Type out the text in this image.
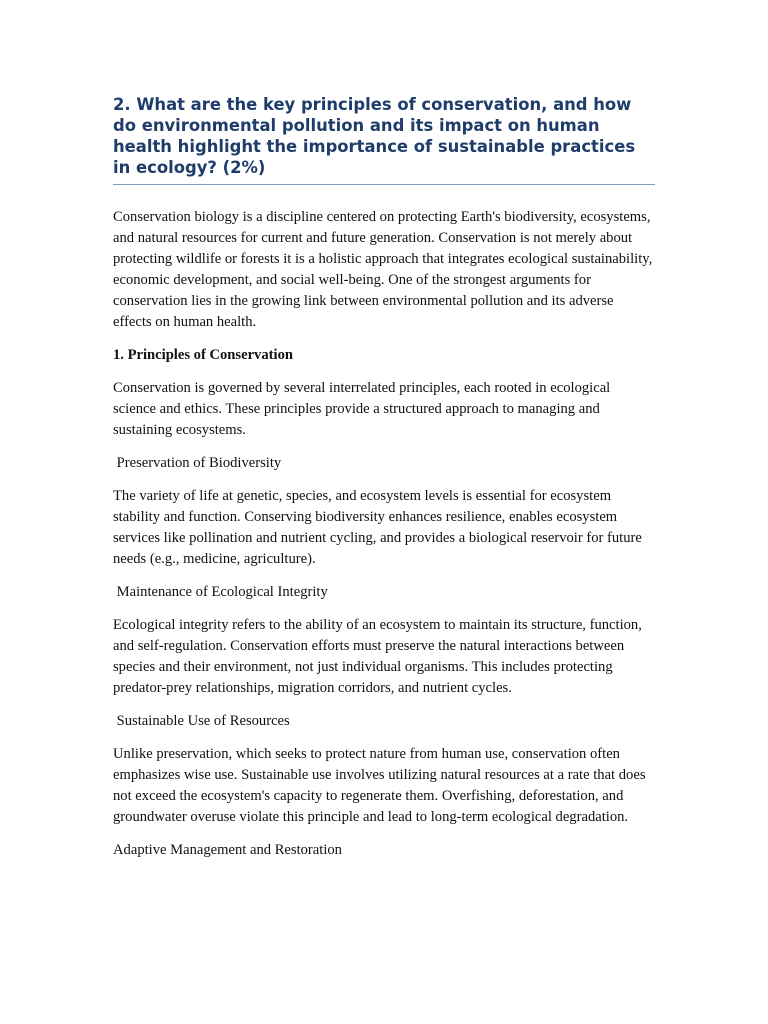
2. What are the key principles of conservation, and how do environmental pollution and its impact on human health highlight the importance of sustainable practices in ecology? (2%)

Conservation biology is a discipline centered on protecting Earth's biodiversity, ecosystems, and natural resources for current and future generation. Conservation is not merely about protecting wildlife or forests it is a holistic approach that integrates ecological sustainability, economic development, and social well-being. One of the strongest arguments for conservation lies in the growing link between environmental pollution and its adverse effects on human health.

1. Principles of Conservation

Conservation is governed by several interrelated principles, each rooted in ecological science and ethics. These principles provide a structured approach to managing and sustaining ecosystems.

Preservation of Biodiversity

The variety of life at genetic, species, and ecosystem levels is essential for ecosystem stability and function. Conserving biodiversity enhances resilience, enables ecosystem services like pollination and nutrient cycling, and provides a biological reservoir for future needs (e.g., medicine, agriculture).

Maintenance of Ecological Integrity

Ecological integrity refers to the ability of an ecosystem to maintain its structure, function, and self-regulation. Conservation efforts must preserve the natural interactions between species and their environment, not just individual organisms. This includes protecting predator-prey relationships, migration corridors, and nutrient cycles.

Sustainable Use of Resources

Unlike preservation, which seeks to protect nature from human use, conservation often emphasizes wise use. Sustainable use involves utilizing natural resources at a rate that does not exceed the ecosystem's capacity to regenerate them. Overfishing, deforestation, and groundwater overuse violate this principle and lead to long-term ecological degradation.

Adaptive Management and Restoration
